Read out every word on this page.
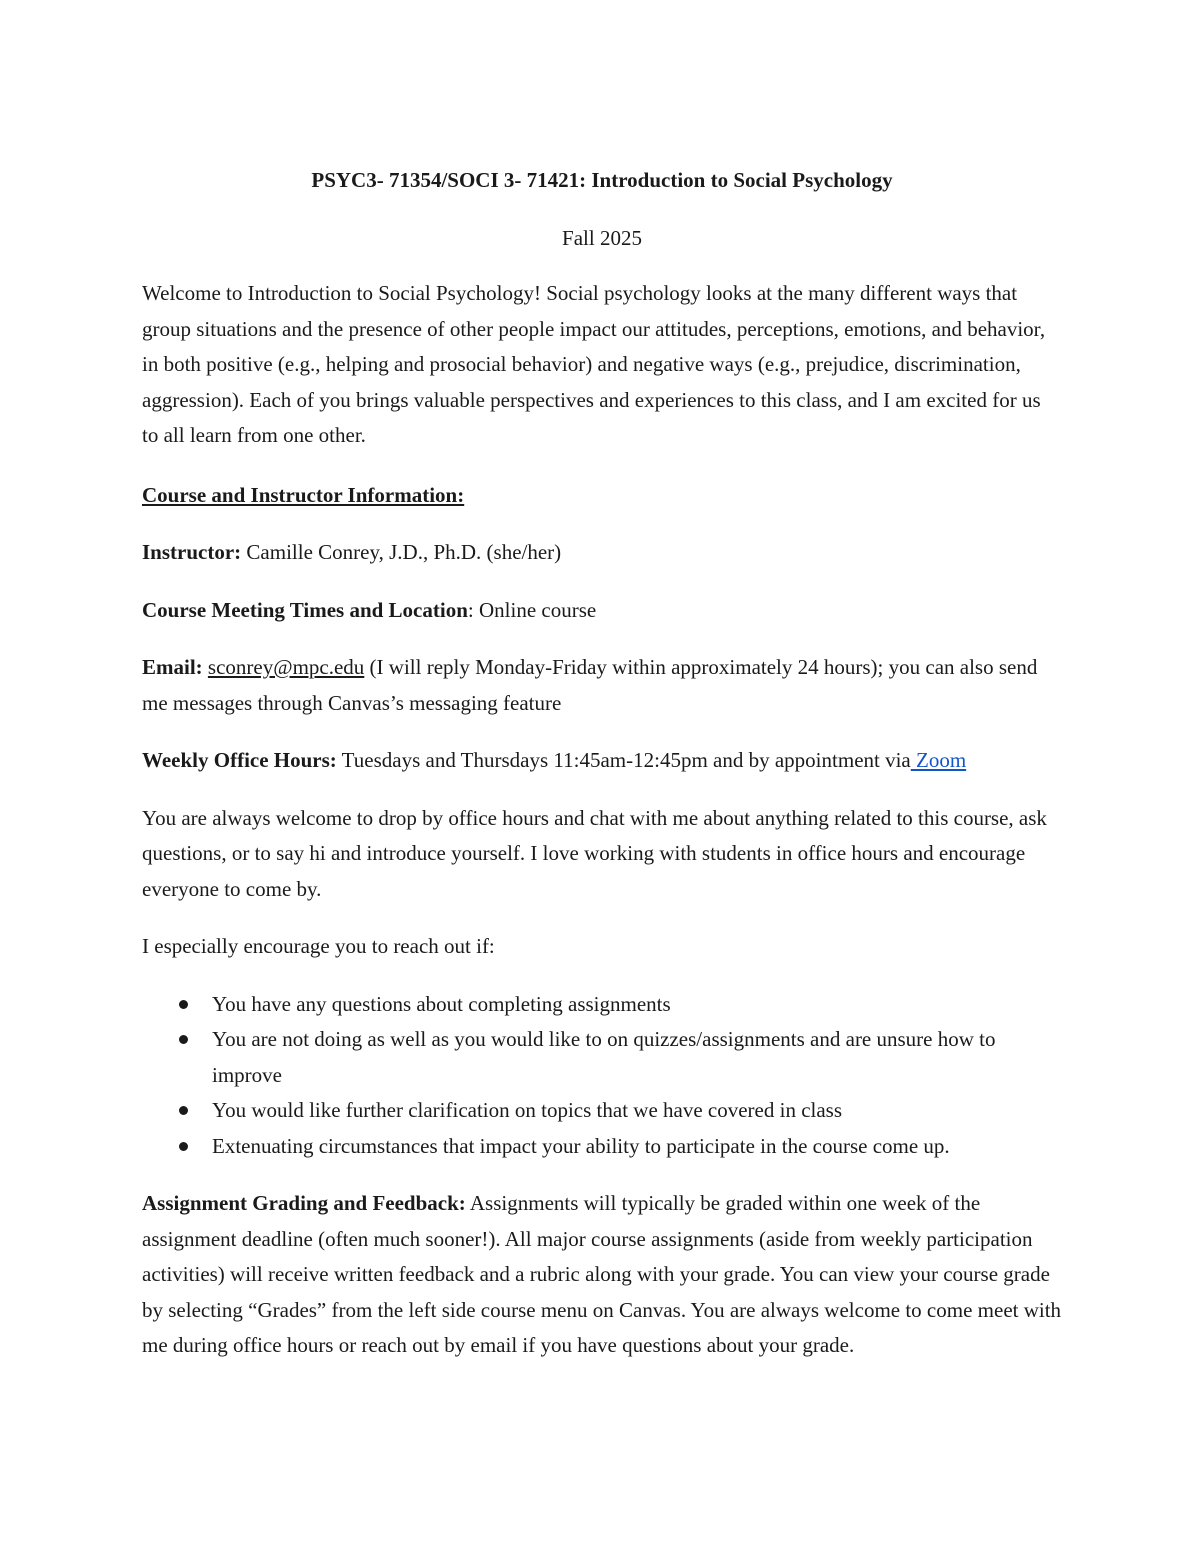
PSYC3- 71354/SOCI 3- 71421: Introduction to Social Psychology

Fall 2025

Welcome to Introduction to Social Psychology! Social psychology looks at the many different ways that group situations and the presence of other people impact our attitudes, perceptions, emotions, and behavior, in both positive (e.g., helping and prosocial behavior) and negative ways (e.g., prejudice, discrimination, aggression). Each of you brings valuable perspectives and experiences to this class, and I am excited for us to all learn from one other.

Course and Instructor Information:

Instructor: Camille Conrey, J.D., Ph.D. (she/her)

Course Meeting Times and Location: Online course

Email: sconrey@mpc.edu (I will reply Monday-Friday within approximately 24 hours); you can also send me messages through Canvas’s messaging feature

Weekly Office Hours: Tuesdays and Thursdays 11:45am-12:45pm and by appointment via Zoom

You are always welcome to drop by office hours and chat with me about anything related to this course, ask questions, or to say hi and introduce yourself. I love working with students in office hours and encourage everyone to come by.

I especially encourage you to reach out if:

You have any questions about completing assignments
You are not doing as well as you would like to on quizzes/assignments and are unsure how to improve
You would like further clarification on topics that we have covered in class
Extenuating circumstances that impact your ability to participate in the course come up.

Assignment Grading and Feedback: Assignments will typically be graded within one week of the assignment deadline (often much sooner!). All major course assignments (aside from weekly participation activities) will receive written feedback and a rubric along with your grade. You can view your course grade by selecting “Grades” from the left side course menu on Canvas. You are always welcome to come meet with me during office hours or reach out by email if you have questions about your grade.
